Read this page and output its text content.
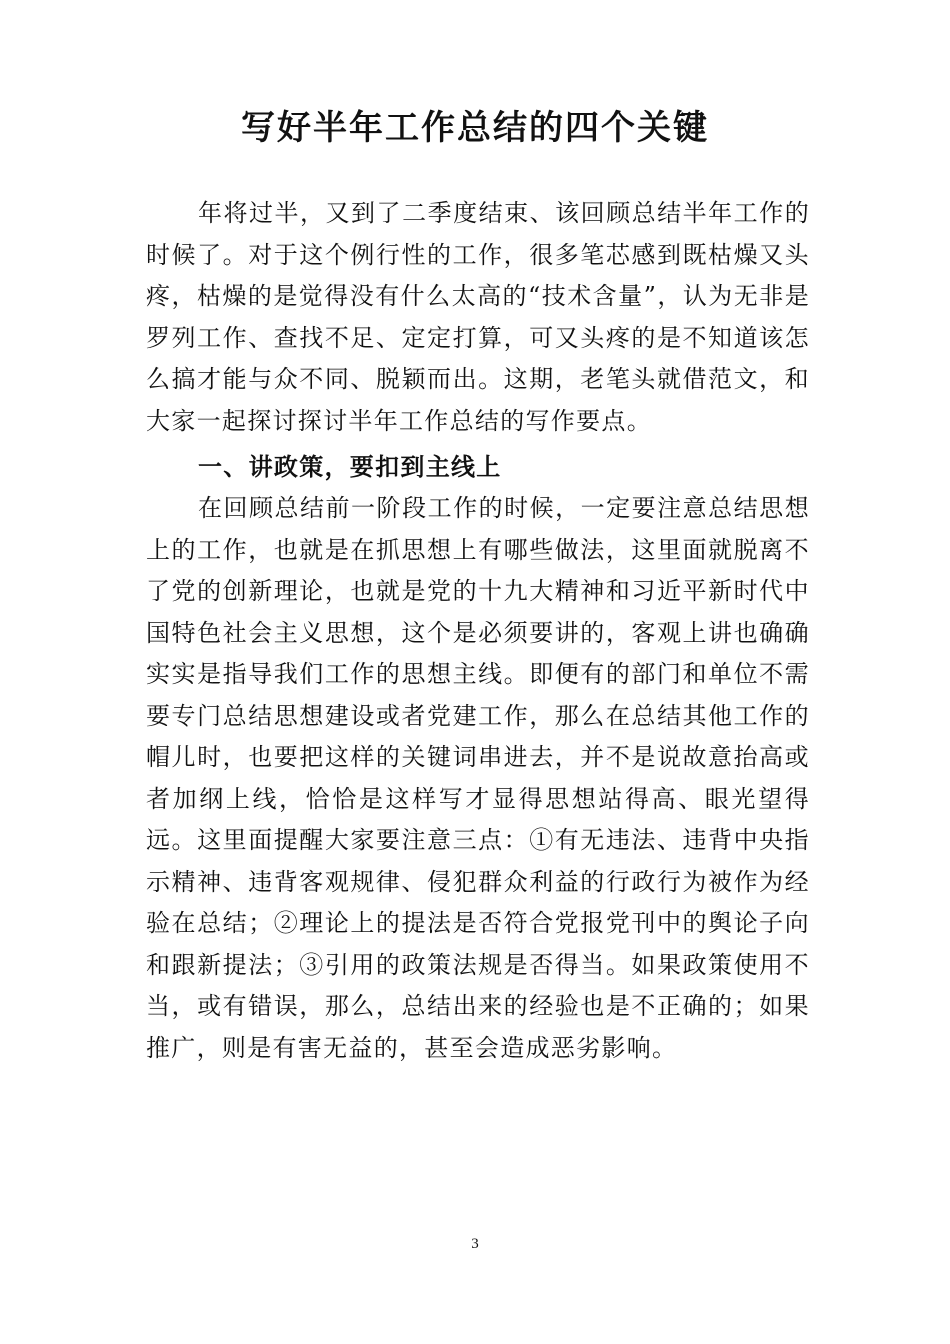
写好半年工作总结的四个关键

年将过半，又到了二季度结束、该回顾总结半年工作的时候了。对于这个例行性的工作，很多笔芯感到既枯燥又头疼，枯燥的是觉得没有什么太高的“技术含量”，认为无非是罗列工作、查找不足、定定打算，可又头疼的是不知道该怎么搞才能与众不同、脱颖而出。这期，老笔头就借范文，和大家一起探讨探讨半年工作总结的写作要点。

一、讲政策，要扣到主线上

在回顾总结前一阶段工作的时候，一定要注意总结思想上的工作，也就是在抓思想上有哪些做法，这里面就脱离不了党的创新理论，也就是党的十九大精神和习近平新时代中国特色社会主义思想，这个是必须要讲的，客观上讲也确确实实是指导我们工作的思想主线。即便有的部门和单位不需要专门总结思想建设或者党建工作，那么在总结其他工作的帽儿时，也要把这样的关键词串进去，并不是说故意抬高或者加纲上线，恰恰是这样写才显得思想站得高、眼光望得远。这里面提醒大家要注意三点：①有无违法、违背中央指示精神、违背客观规律、侵犯群众利益的行政行为被作为经验在总结；②理论上的提法是否符合党报党刊中的舆论子向和跟新提法；③引用的政策法规是否得当。如果政策使用不当，或有错误，那么，总结出来的经验也是不正确的；如果推广，则是有害无益的，甚至会造成恶劣影响。

3
